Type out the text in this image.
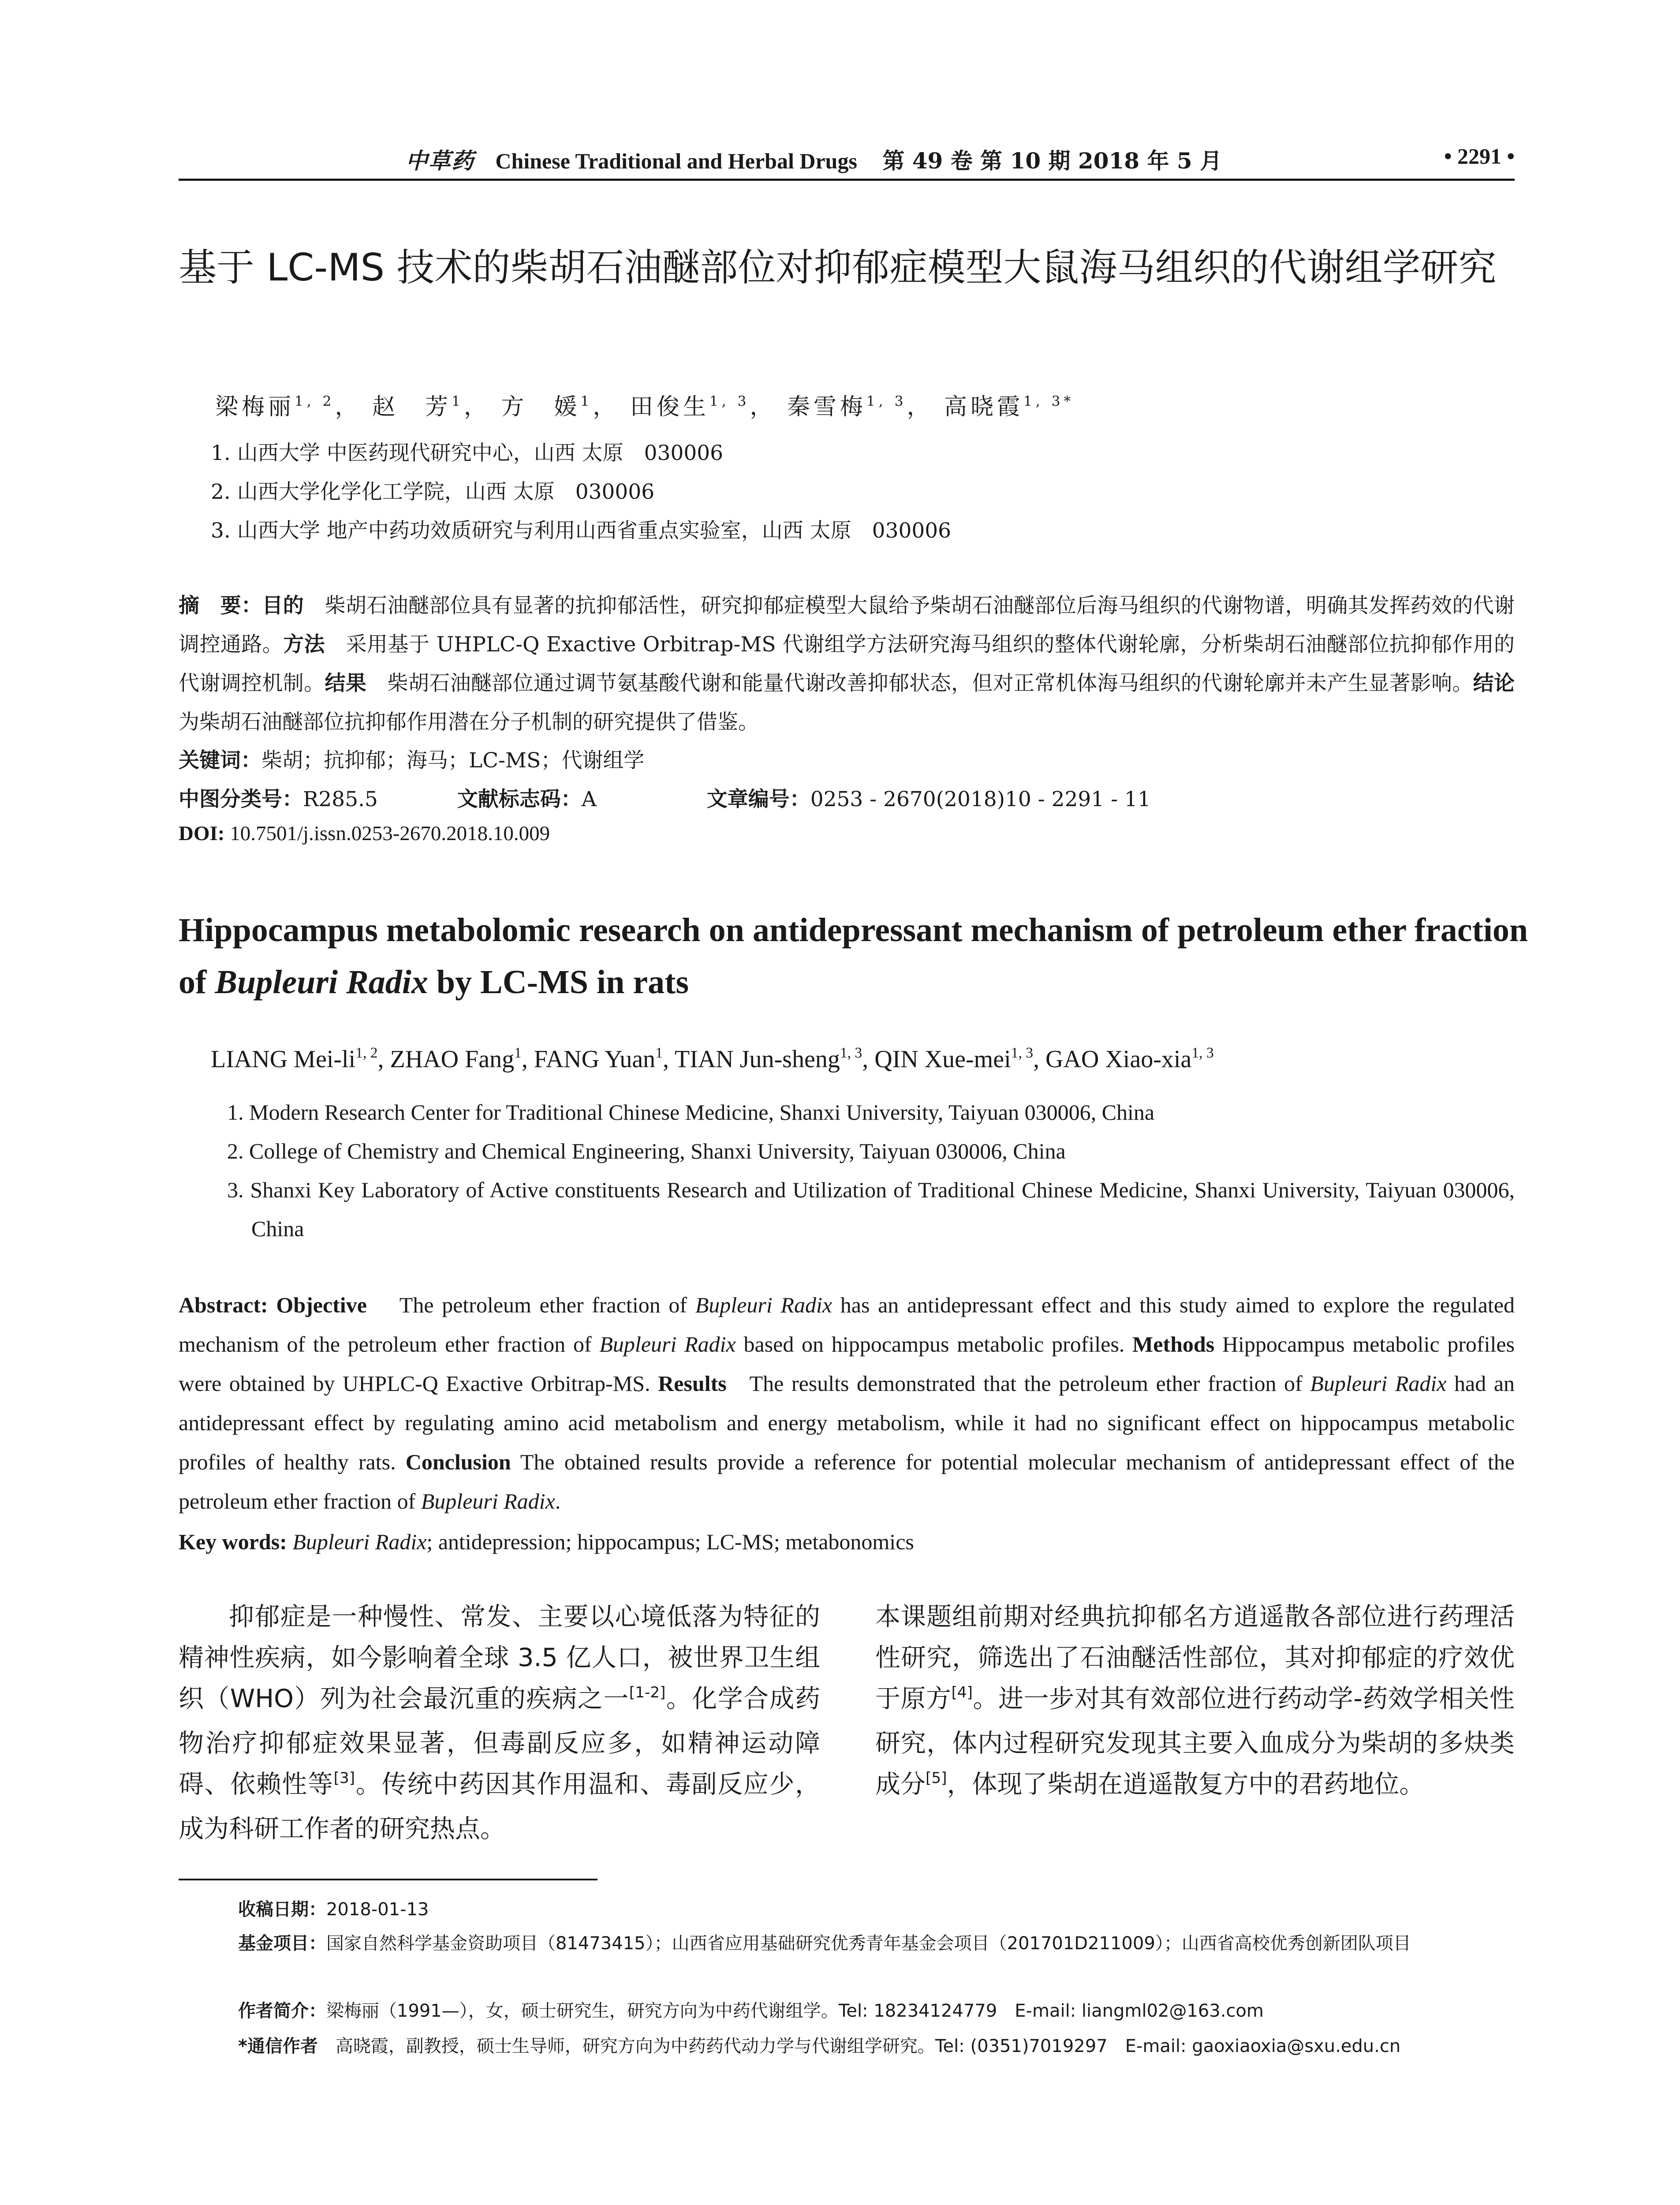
中草药 Chinese Traditional and Herbal Drugs 第 49 卷 第 10 期 2018 年 5 月	• 2291 •
基于 LC-MS 技术的柴胡石油醚部位对抑郁症模型大鼠海马组织的代谢组学研究
梁梅丽$^{1, 2}$， 赵　芳$^1$， 方　媛$^1$， 田俊生$^{1, 3}$， 秦雪梅$^{1, 3}$， 高晓霞$^{1, 3*}$
1. 山西大学 中医药现代研究中心，山西 太原　030006
2. 山西大学化学化工学院，山西 太原　030006
3. 山西大学 地产中药功效质研究与利用山西省重点实验室，山西 太原　030006
摘　要：目的　 柴胡石油醚部位具有显著的抗抑郁活性，研究抑郁症模型大鼠给予柴胡石油醚部位后海马组织的代谢物谱，明确其发挥药效的代谢调控通路。方法　 采用基于 UHPLC-Q Exactive Orbitrap-MS 代谢组学方法研究海马组织的整体代谢轮廓，分析柴胡石油醚部位抗抑郁作用的代谢调控机制。结果　 柴胡石油醚部位通过调节氨基酸代谢和能量代谢改善抑郁状态，但对正常机体海马组织的代谢轮廓并未产生显著影响。结论　为柴胡石油醚部位抗抑郁作用潜在分子机制的研究提供了借鉴。
关键词：柴胡；抗抑郁；海马；LC-MS；代谢组学
中图分类号：R285.5	文献标志码：A	文章编号：0253 - 2670(2018)10 - 2291 - 11
DOI: 10.7501/j.issn.0253-2670.2018.10.009
Hippocampus metabolomic research on antidepressant mechanism of petroleum ether fraction of Bupleuri Radix by LC-MS in rats
LIANG Mei-li$^{1, 2}$, ZHAO Fang$^1$, FANG Yuan$^1$, TIAN Jun-sheng$^{1, 3}$, QIN Xue-mei$^{1, 3}$, GAO Xiao-xia$^{1, 3}$
1. Modern Research Center for Traditional Chinese Medicine, Shanxi University, Taiyuan 030006, China
2. College of Chemistry and Chemical Engineering, Shanxi University, Taiyuan 030006, China
3. Shanxi Key Laboratory of Active constituents Research and Utilization of Traditional Chinese Medicine, Shanxi University, Taiyuan 030006, China
Abstract: Objective The petroleum ether fraction of Bupleuri Radix has an antidepressant effect and this study aimed to explore the regulated mechanism of the petroleum ether fraction of Bupleuri Radix based on hippocampus metabolic profiles. Methods Hippocampus metabolic profiles were obtained by UHPLC-Q Exactive Orbitrap-MS. Results The results demonstrated that the petroleum ether fraction of Bupleuri Radix had an antidepressant effect by regulating amino acid metabolism and energy metabolism, while it had no significant effect on hippocampus metabolic profiles of healthy rats. Conclusion The obtained results provide a reference for potential molecular mechanism of antidepressant effect of the petroleum ether fraction of Bupleuri Radix.
Key words: Bupleuri Radix; antidepression; hippocampus; LC-MS; metabonomics
抑郁症是一种慢性、常发、主要以心境低落为特征的精神性疾病，如今影响着全球 3.5 亿人口，被世界卫生组织（WHO）列为社会最沉重的疾病之一[1-2]。化学合成药物治疗抑郁症效果显著，但毒副反应多，如精神运动障碍、依赖性等[3]。传统中药因其作用温和、毒副反应少，成为科研工作者的研究热点。
本课题组前期对经典抗抑郁名方逍遥散各部位进行药理活性研究，筛选出了石油醚活性部位，其对抑郁症的疗效优于原方[4]。进一步对其有效部位进行药动学-药效学相关性研究，体内过程研究发现其主要入血成分为柴胡的多炔类成分[5]，体现了柴胡在逍遥散复方中的君药地位。
收稿日期：2018-01-13
基金项目：国家自然科学基金资助项目（81473415）；山西省应用基础研究优秀青年基金会项目（201701D211009）；山西省高校优秀创新团队项目
作者简介：梁梅丽（1991—），女，硕士研究生，研究方向为中药代谢组学。Tel: 18234124779　E-mail: liangml02@163.com
*通信作者　 高晓霞，副教授，硕士生导师，研究方向为中药药代动力学与代谢组学研究。Tel: (0351)7019297　E-mail: gaoxiaoxia@sxu.edu.cn
